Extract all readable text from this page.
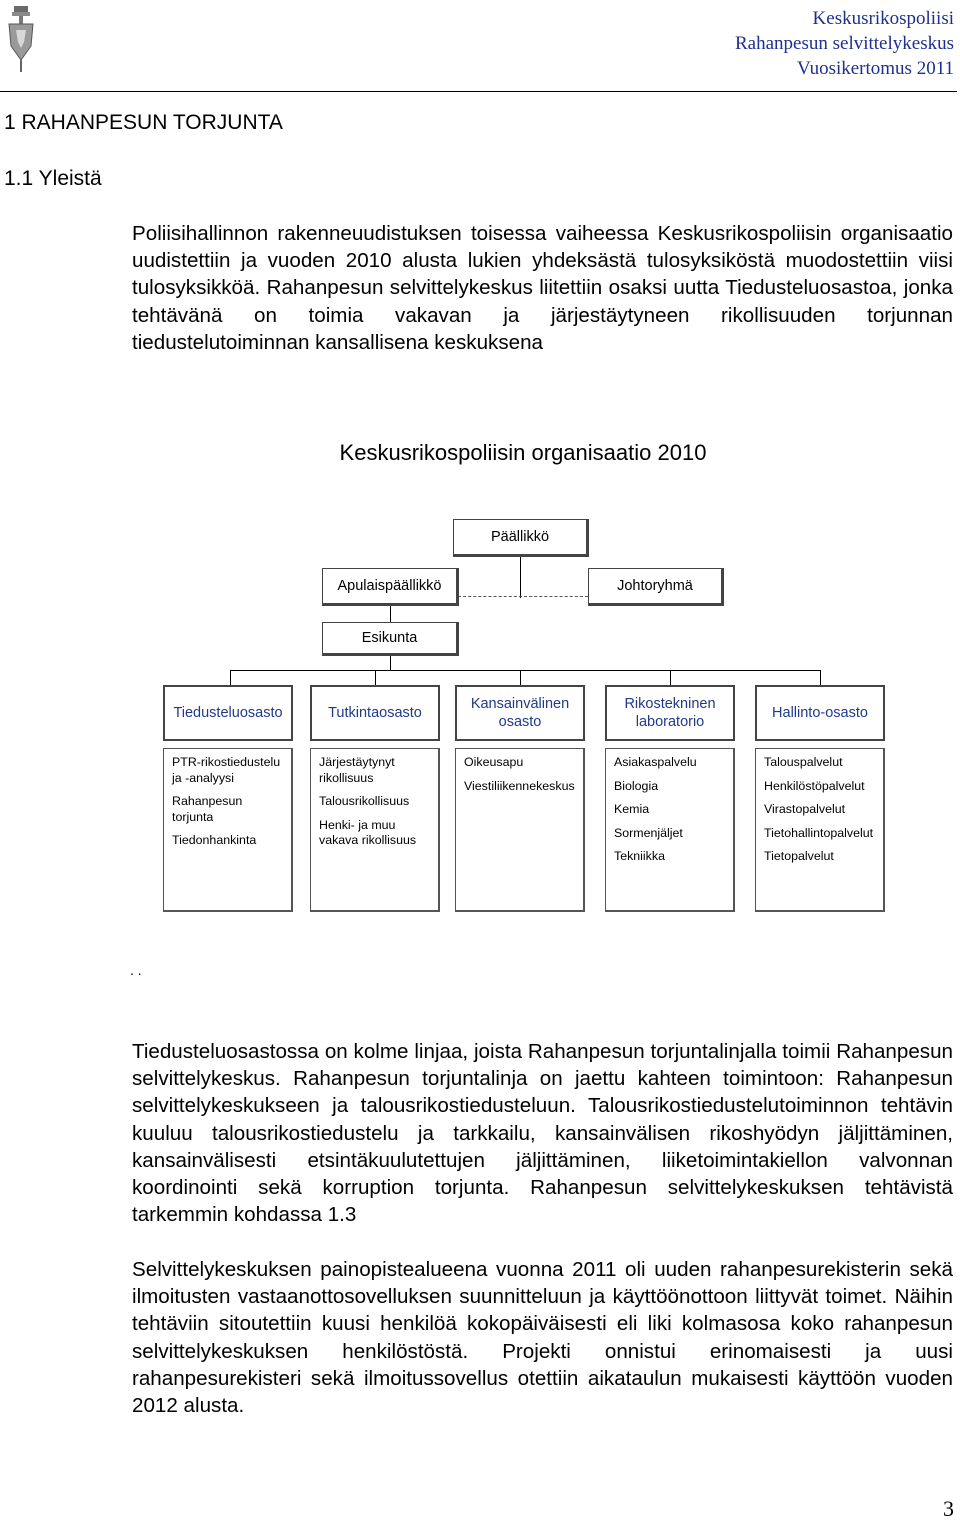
Keskusrikospoliisi
Rahanpesun selvittelykeskus
Vuosikertomus 2011
1 RAHANPESUN TORJUNTA
1.1 Yleistä
Poliisihallinnon rakenneuudistuksen toisessa vaiheessa Keskusrikospoliisin organisaatio uudistettiin ja vuoden 2010 alusta lukien yhdeksästä tulosyksiköstä muodostettiin viisi tulosyksikköä. Rahanpesun selvittelykeskus liitettiin osaksi uutta Tiedusteluosastoa, jonka tehtävänä on toimia vakavan ja järjestäytyneen rikollisuuden torjunnan tiedustelutoiminnan kansallisena keskuksena
Keskusrikospoliisin organisaatio 2010
Päällikkö
Apulaispäällikkö	Johtoryhmä
Esikunta
Tiedusteluosasto	Tutkintaosasto
Kansainvälinen osasto
Rikostekninen laboratorio
Hallinto-osasto
PTR-rikostiedustelu ja -analyysi
Rahanpesun torjunta
Tiedonhankinta
Järjestäytynyt rikollisuus
Talousrikollisuus
Henki- ja muu vakava rikollisuus
Oikeusapu
Viestiliikennekeskus
Asiakaspalvelu
Biologia
Kemia
Sormenjäljet
Tekniikka
Talouspalvelut
Henkilöstöpalvelut
Virastopalvelut
Tietohallintopalvelut
Tietopalvelut
. .
Tiedusteluosastossa on kolme linjaa, joista Rahanpesun torjuntalinjalla toimii Rahanpesun selvittelykeskus. Rahanpesun torjuntalinja on jaettu kahteen toimintoon: Rahanpesun selvittelykeskukseen ja talousrikostiedusteluun. Talousrikostiedustelutoiminnon tehtävin kuuluu talousrikostiedustelu ja tarkkailu, kansainvälisen rikoshyödyn jäljittäminen, kansainvälisesti etsintäkuulutettujen jäljittäminen, liiketoimintakiellon valvonnan koordinointi sekä korruption torjunta. Rahanpesun selvittelykeskuksen tehtävistä tarkemmin kohdassa 1.3
Selvittelykeskuksen painopistealueena vuonna 2011 oli uuden rahanpesurekisterin sekä ilmoitusten vastaanottosovelluksen suunnitteluun ja käyttöönottoon liittyvät toimet. Näihin tehtäviin sitoutettiin kuusi henkilöä kokopäiväisesti eli liki kolmasosa koko rahanpesun selvittelykeskuksen henkilöstöstä. Projekti onnistui erinomaisesti ja uusi rahanpesurekisteri sekä ilmoitussovellus otettiin aikataulun mukaisesti käyttöön vuoden 2012 alusta.
3
